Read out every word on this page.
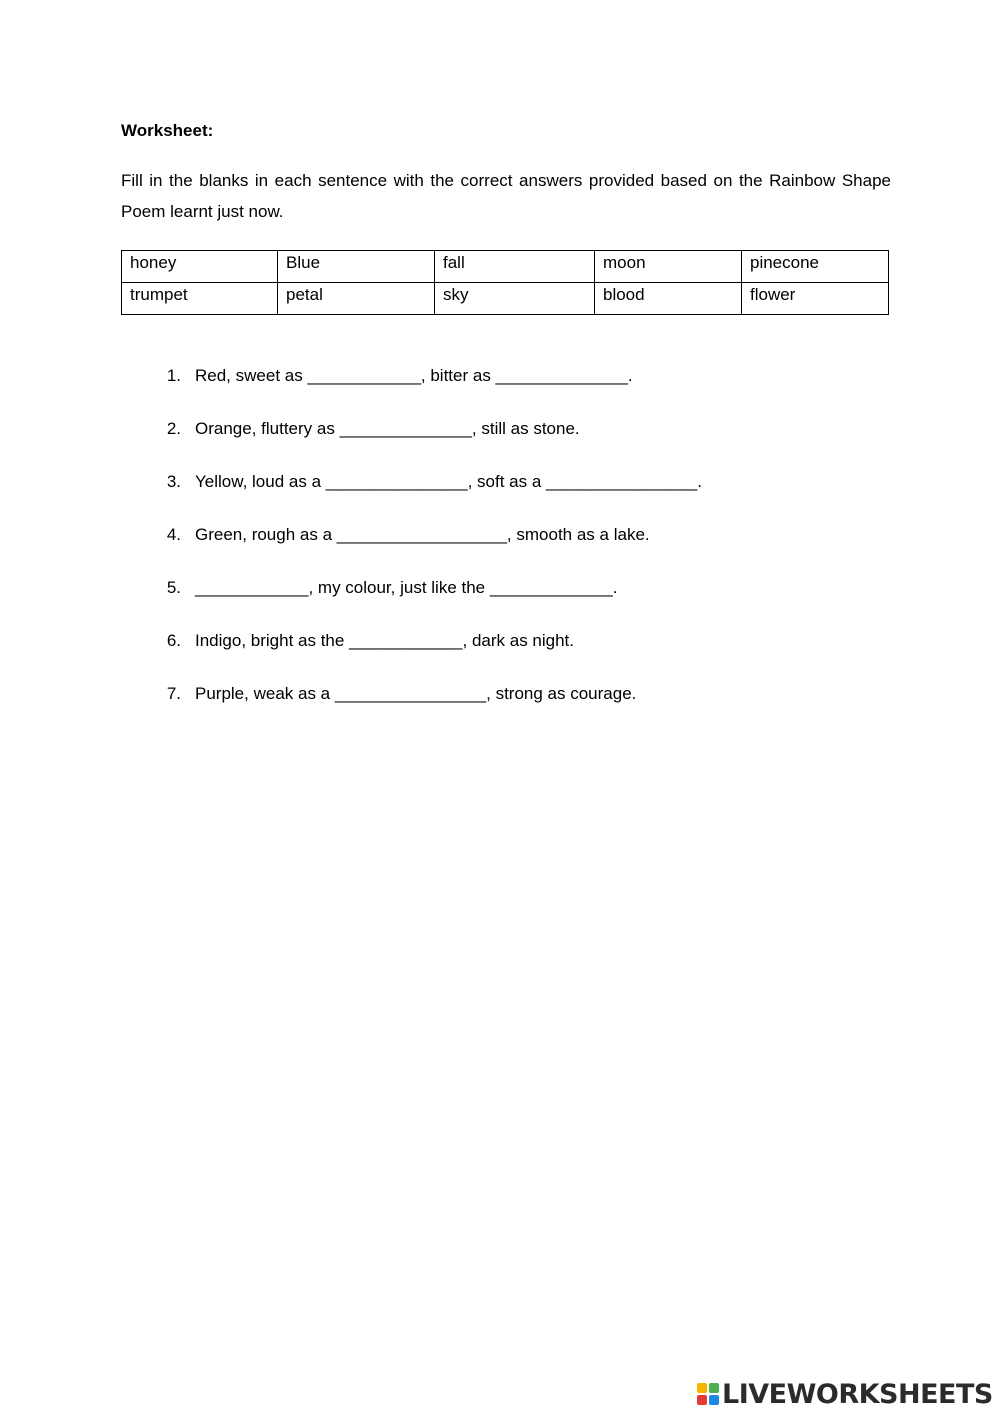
Worksheet:

Fill in the blanks in each sentence with the correct answers provided based on the Rainbow Shape Poem learnt just now.

honey	Blue	fall	moon	pinecone
trumpet	petal	sky	blood	flower
1. Red, sweet as ____________, bitter as ______________.
2. Orange, fluttery as ______________, still as stone.
3. Yellow, loud as a _______________, soft as a ________________.
4. Green, rough as a __________________, smooth as a lake.
5. ____________, my colour, just like the _____________.
6. Indigo, bright as the ____________, dark as night.
7. Purple, weak as a ________________, strong as courage.
LIVEWORKSHEETS
